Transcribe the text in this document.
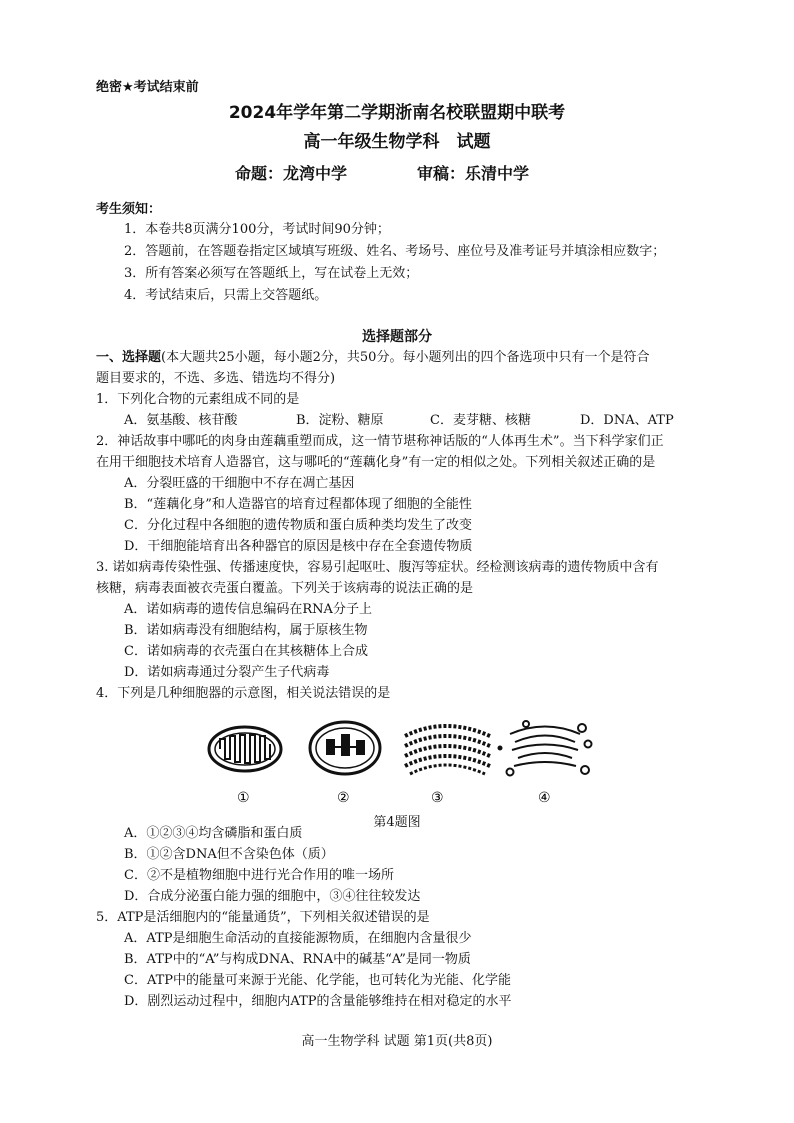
绝密★考试结束前
2024年学年第二学期浙南名校联盟期中联考
高一年级生物学科　试题
命题：龙湾中学	审稿：乐清中学
考生须知：
1．本卷共8页满分100分，考试时间90分钟；
2．答题前，在答题卷指定区域填写班级、姓名、考场号、座位号及准考证号并填涂相应数字；
3．所有答案必须写在答题纸上，写在试卷上无效；
4．考试结束后，只需上交答题纸。
选择题部分
一、选择题(本大题共25小题，每小题2分，共50分。每小题列出的四个备选项中只有一个是符合
题目要求的，不选、多选、错选均不得分)
1．下列化合物的元素组成不同的是
A．氨基酸、核苷酸	B．淀粉、糖原	C．麦芽糖、核糖	D．DNA、ATP
2．神话故事中哪吒的肉身由莲藕重塑而成，这一情节堪称神话版的“人体再生术”。当下科学家们正
在用干细胞技术培育人造器官，这与哪吒的“莲藕化身”有一定的相似之处。下列相关叙述正确的是
A．分裂旺盛的干细胞中不存在凋亡基因
B．“莲藕化身”和人造器官的培育过程都体现了细胞的全能性
C．分化过程中各细胞的遗传物质和蛋白质种类均发生了改变
D．干细胞能培育出各种器官的原因是核中存在全套遗传物质
3. 诺如病毒传染性强、传播速度快，容易引起呕吐、腹泻等症状。经检测该病毒的遗传物质中含有
核糖，病毒表面被衣壳蛋白覆盖。下列关于该病毒的说法正确的是
A．诺如病毒的遗传信息编码在RNA分子上
B．诺如病毒没有细胞结构，属于原核生物
C．诺如病毒的衣壳蛋白在其核糖体上合成
D．诺如病毒通过分裂产生子代病毒
4．下列是几种细胞器的示意图，相关说法错误的是
①	②	③	④
第4题图
A．①②③④均含磷脂和蛋白质
B．①②含DNA但不含染色体（质）
C．②不是植物细胞中进行光合作用的唯一场所
D．合成分泌蛋白能力强的细胞中，③④往往较发达
5．ATP是活细胞内的“能量通货”，下列相关叙述错误的是
A．ATP是细胞生命活动的直接能源物质，在细胞内含量很少
B．ATP中的“A”与构成DNA、RNA中的碱基“A”是同一物质
C．ATP中的能量可来源于光能、化学能，也可转化为光能、化学能
D．剧烈运动过程中，细胞内ATP的含量能够维持在相对稳定的水平
高一生物学科 试题 第1页(共8页)
